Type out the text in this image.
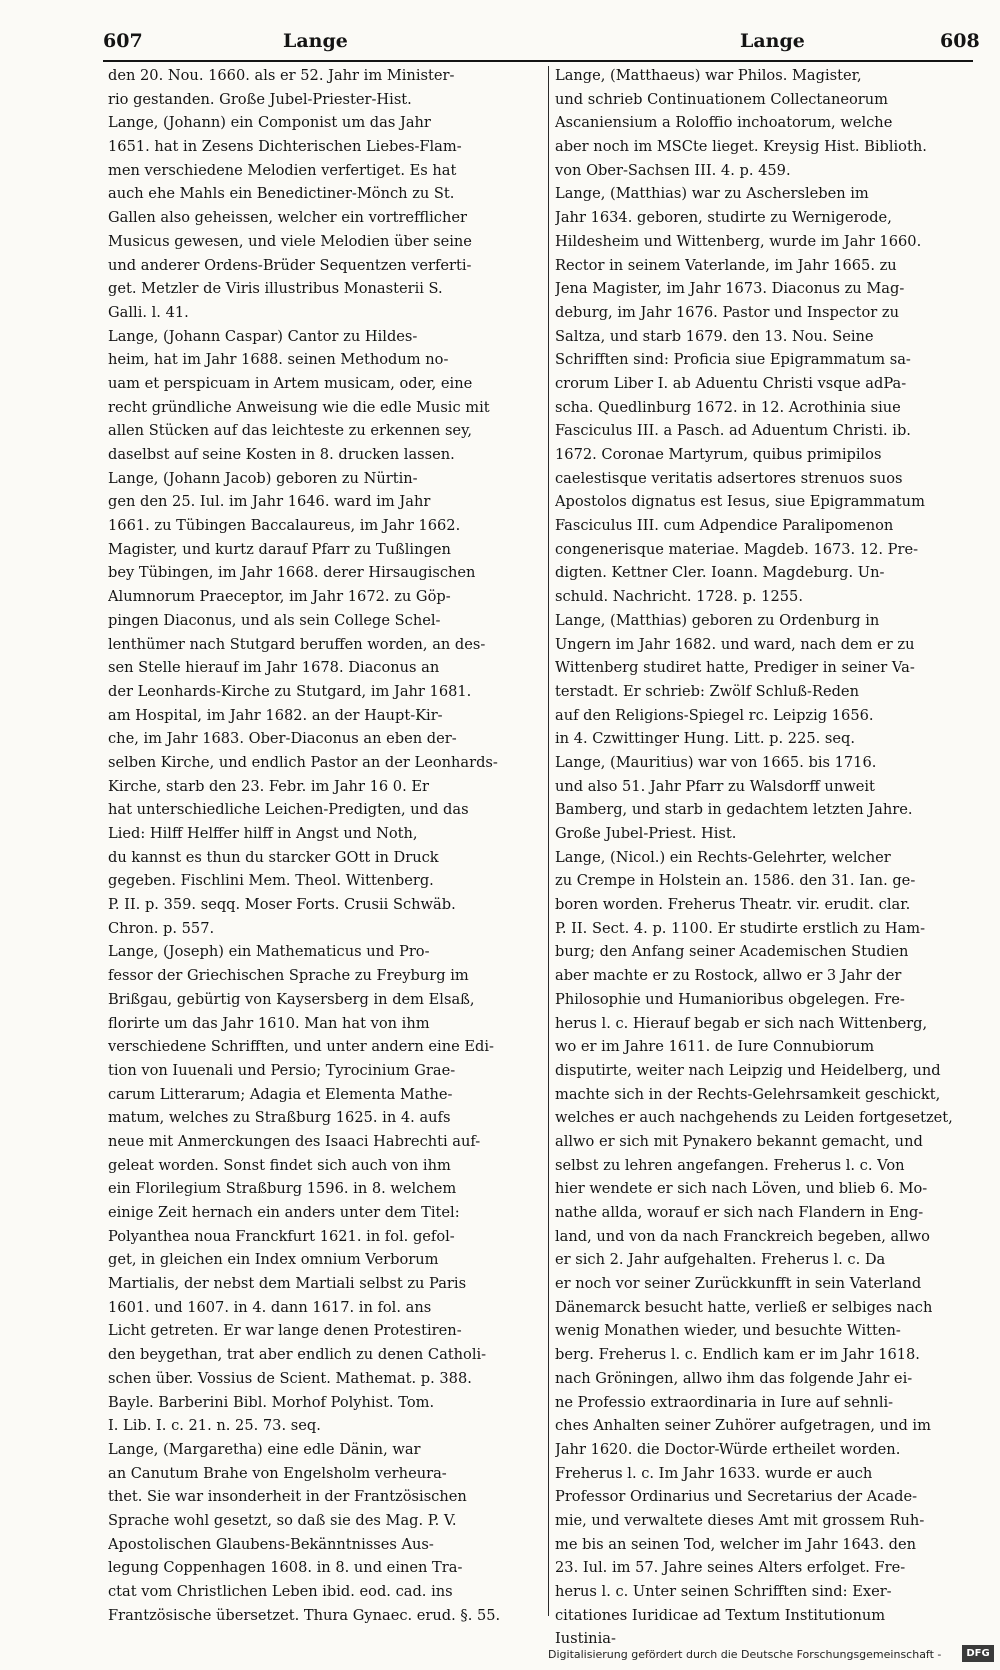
607	Lange	Lange	608

den 20. Nou. 1660. als er 52. Jahr im Minister-

rio gestanden. Große Jubel-Priester-Hist.

Lange, (Johann) ein Componist um das Jahr

1651. hat in Zesens Dichterischen Liebes-Flam-

men verschiedene Melodien verfertiget. Es hat

auch ehe Mahls ein Benedictiner-Mönch zu St.

Gallen also geheissen, welcher ein vortrefflicher

Musicus gewesen, und viele Melodien über seine

und anderer Ordens-Brüder Sequentzen verferti-

get. Metzler de Viris illustribus Monasterii S.

Galli. l. 41.

Lange, (Johann Caspar) Cantor zu Hildes-

heim, hat im Jahr 1688. seinen Methodum no-

uam et perspicuam in Artem musicam, oder, eine

recht gründliche Anweisung wie die edle Music mit

allen Stücken auf das leichteste zu erkennen sey,

daselbst auf seine Kosten in 8. drucken lassen.

Lange, (Johann Jacob) geboren zu Nürtin-

gen den 25. Iul. im Jahr 1646. ward im Jahr

1661. zu Tübingen Baccalaureus, im Jahr 1662.

Magister, und kurtz darauf Pfarr zu Tußlingen

bey Tübingen, im Jahr 1668. derer Hirsaugischen

Alumnorum Praeceptor, im Jahr 1672. zu Göp-

pingen Diaconus, und als sein College Schel-

lenthümer nach Stutgard beruffen worden, an des-

sen Stelle hierauf im Jahr 1678. Diaconus an

der Leonhards-Kirche zu Stutgard, im Jahr 1681.

am Hospital, im Jahr 1682. an der Haupt-Kir-

che, im Jahr 1683. Ober-Diaconus an eben der-

selben Kirche, und endlich Pastor an der Leonhards-

Kirche, starb den 23. Febr. im Jahr 16 0. Er

hat unterschiedliche Leichen-Predigten, und das

Lied: Hilff Helffer hilff in Angst und Noth,

du kannst es thun du starcker GOtt in Druck

gegeben. Fischlini Mem. Theol. Wittenberg.

P. II. p. 359. seqq. Moser Forts. Crusii Schwäb.

Chron. p. 557.

Lange, (Joseph) ein Mathematicus und Pro-

fessor der Griechischen Sprache zu Freyburg im

Brißgau, gebürtig von Kaysersberg in dem Elsaß,

florirte um das Jahr 1610. Man hat von ihm

verschiedene Schrifften, und unter andern eine Edi-

tion von Iuuenali und Persio; Tyrocinium Grae-

carum Litterarum; Adagia et Elementa Mathe-

matum, welches zu Straßburg 1625. in 4. aufs

neue mit Anmerckungen des Isaaci Habrechti auf-

geleat worden. Sonst findet sich auch von ihm

ein Florilegium Straßburg 1596. in 8. welchem

einige Zeit hernach ein anders unter dem Titel:

Polyanthea noua Franckfurt 1621. in fol. gefol-

get, in gleichen ein Index omnium Verborum

Martialis, der nebst dem Martiali selbst zu Paris

1601. und 1607. in 4. dann 1617. in fol. ans

Licht getreten. Er war lange denen Protestiren-

den beygethan, trat aber endlich zu denen Catholi-

schen über. Vossius de Scient. Mathemat. p. 388.

Bayle. Barberini Bibl. Morhof Polyhist. Tom.

I. Lib. I. c. 21. n. 25. 73. seq.

Lange, (Margaretha) eine edle Dänin, war

an Canutum Brahe von Engelsholm verheura-

thet. Sie war insonderheit in der Frantzösischen

Sprache wohl gesetzt, so daß sie des Mag. P. V.

Apostolischen Glaubens-Bekänntnisses Aus-

legung Coppenhagen 1608. in 8. und einen Tra-

ctat vom Christlichen Leben ibid. eod. cad. ins

Frantzösische übersetzet. Thura Gynaec. erud. §. 55.

Lange, (Matthaeus) war Philos. Magister,

und schrieb Continuationem Collectaneorum

Ascaniensium a Roloffio inchoatorum, welche

aber noch im MSCte lieget. Kreysig Hist. Biblioth.

von Ober-Sachsen III. 4. p. 459.

Lange, (Matthias) war zu Aschersleben im

Jahr 1634. geboren, studirte zu Wernigerode,

Hildesheim und Wittenberg, wurde im Jahr 1660.

Rector in seinem Vaterlande, im Jahr 1665. zu

Jena Magister, im Jahr 1673. Diaconus zu Mag-

deburg, im Jahr 1676. Pastor und Inspector zu

Saltza, und starb 1679. den 13. Nou. Seine

Schrifften sind: Proficia siue Epigrammatum sa-

crorum Liber I. ab Aduentu Christi vsque adPa-

scha. Quedlinburg 1672. in 12. Acrothinia siue

Fasciculus III. a Pasch. ad Aduentum Christi. ib.

1672. Coronae Martyrum, quibus primipilos

caelestisque veritatis adsertores strenuos suos

Apostolos dignatus est Iesus, siue Epigrammatum

Fasciculus III. cum Adpendice Paralipomenon

congenerisque materiae. Magdeb. 1673. 12. Pre-

digten. Kettner Cler. Ioann. Magdeburg. Un-

schuld. Nachricht. 1728. p. 1255.

Lange, (Matthias) geboren zu Ordenburg in

Ungern im Jahr 1682. und ward, nach dem er zu

Wittenberg studiret hatte, Prediger in seiner Va-

terstadt. Er schrieb: Zwölf Schluß-Reden

auf den Religions-Spiegel rc. Leipzig 1656.

in 4. Czwittinger Hung. Litt. p. 225. seq.

Lange, (Mauritius) war von 1665. bis 1716.

und also 51. Jahr Pfarr zu Walsdorff unweit

Bamberg, und starb in gedachtem letzten Jahre.

Große Jubel-Priest. Hist.

Lange, (Nicol.) ein Rechts-Gelehrter, welcher

zu Crempe in Holstein an. 1586. den 31. Ian. ge-

boren worden. Freherus Theatr. vir. erudit. clar.

P. II. Sect. 4. p. 1100. Er studirte erstlich zu Ham-

burg; den Anfang seiner Academischen Studien

aber machte er zu Rostock, allwo er 3 Jahr der

Philosophie und Humanioribus obgelegen. Fre-

herus l. c. Hierauf begab er sich nach Wittenberg,

wo er im Jahre 1611. de Iure Connubiorum

disputirte, weiter nach Leipzig und Heidelberg, und

machte sich in der Rechts-Gelehrsamkeit geschickt,

welches er auch nachgehends zu Leiden fortgesetzet,

allwo er sich mit Pynakero bekannt gemacht, und

selbst zu lehren angefangen. Freherus l. c. Von

hier wendete er sich nach Löven, und blieb 6. Mo-

nathe allda, worauf er sich nach Flandern in Eng-

land, und von da nach Franckreich begeben, allwo

er sich 2. Jahr aufgehalten. Freherus l. c. Da

er noch vor seiner Zurückkunfft in sein Vaterland

Dänemarck besucht hatte, verließ er selbiges nach

wenig Monathen wieder, und besuchte Witten-

berg. Freherus l. c. Endlich kam er im Jahr 1618.

nach Gröningen, allwo ihm das folgende Jahr ei-

ne Professio extraordinaria in Iure auf sehnli-

ches Anhalten seiner Zuhörer aufgetragen, und im

Jahr 1620. die Doctor-Würde ertheilet worden.

Freherus l. c. Im Jahr 1633. wurde er auch

Professor Ordinarius und Secretarius der Acade-

mie, und verwaltete dieses Amt mit grossem Ruh-

me bis an seinen Tod, welcher im Jahr 1643. den

23. Iul. im 57. Jahre seines Alters erfolget. Fre-

herus l. c. Unter seinen Schrifften sind: Exer-

citationes Iuridicae ad Textum Institutionum

Iustinia-

Digitalisierung gefördert durch die Deutsche Forschungsgemeinschaft -	DFG
